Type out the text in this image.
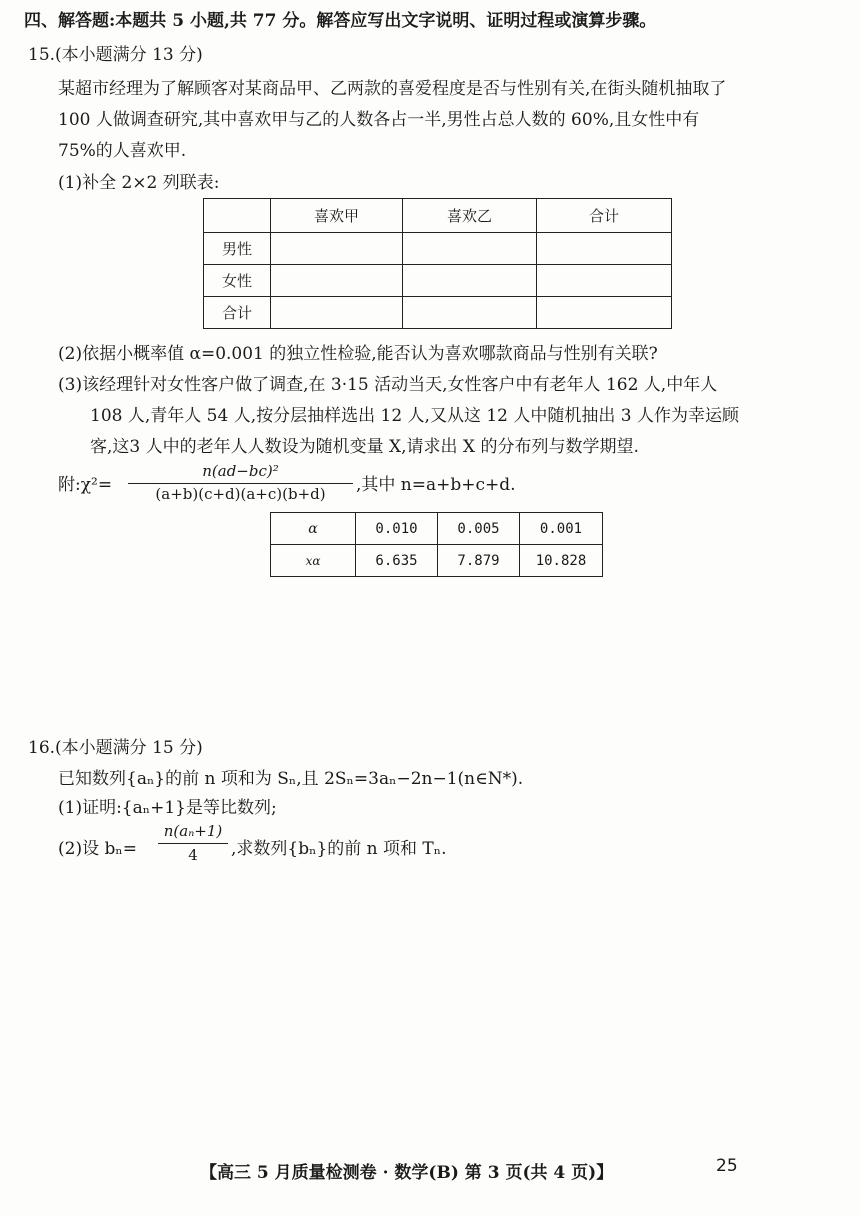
四、解答题:本题共 5 小题,共 77 分。解答应写出文字说明、证明过程或演算步骤。
15.(本小题满分 13 分)
某超市经理为了解顾客对某商品甲、乙两款的喜爱程度是否与性别有关,在街头随机抽取了
100 人做调查研究,其中喜欢甲与乙的人数各占一半,男性占总人数的 60%,且女性中有
75%的人喜欢甲.
(1)补全 2×2 列联表:
	喜欢甲	喜欢乙	合计
男性			
女性			
合计			
(2)依据小概率值 α=0.001 的独立性检验,能否认为喜欢哪款商品与性别有关联?
(3)该经理针对女性客户做了调查,在 3·15 活动当天,女性客户中有老年人 162 人,中年人
108 人,青年人 54 人,按分层抽样选出 12 人,又从这 12 人中随机抽出 3 人作为幸运顾
客,这3 人中的老年人人数设为随机变量 X,请求出 X 的分布列与数学期望.
附:χ²=
n(ad−bc)²
(a+b)(c+d)(a+c)(b+d)	,其中 n=a+b+c+d.
α	0.010	0.005	0.001
xα	6.635	7.879	10.828
16.(本小题满分 15 分)
已知数列{aₙ}的前 n 项和为 Sₙ,且 2Sₙ=3aₙ−2n−1(n∈N*).
(1)证明:{aₙ+1}是等比数列;
(2)设 bₙ=
n(aₙ+1)
4	,求数列{bₙ}的前 n 项和 Tₙ.
【高三 5 月质量检测卷 · 数学(B) 第 3 页(共 4 页)】	25
